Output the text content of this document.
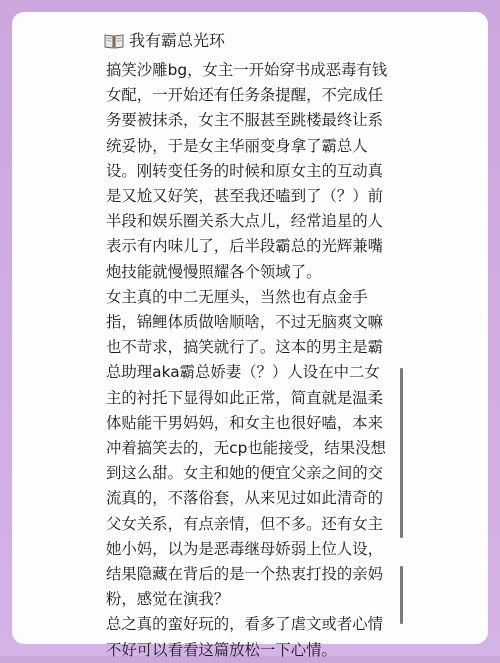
我有霸总光环

搞笑沙雕bg，女主一开始穿书成恶毒有钱女配，一开始还有任务条提醒，不完成任务要被抹杀，女主不服甚至跳楼最终让系统妥协，于是女主华丽变身拿了霸总人设。刚转变任务的时候和原女主的互动真是又尬又好笑，甚至我还嗑到了（？）前半段和娱乐圈关系大点儿，经常追星的人表示有内味儿了，后半段霸总的光辉兼嘴炮技能就慢慢照耀各个领域了。

女主真的中二无厘头，当然也有点金手指，锦鲤体质做啥顺啥，不过无脑爽文嘛也不苛求，搞笑就行了。这本的男主是霸总助理aka霸总娇妻（？）人设在中二女主的衬托下显得如此正常，简直就是温柔体贴能干男妈妈，和女主也很好嗑，本来冲着搞笑去的，无cp也能接受，结果没想到这么甜。女主和她的便宜父亲之间的交流真的，不落俗套，从来见过如此清奇的父女关系，有点亲情，但不多。还有女主她小妈，以为是恶毒继母娇弱上位人设，结果隐藏在背后的是一个热衷打投的亲妈粉，感觉在演我？

总之真的蛮好玩的，看多了虐文或者心情不好可以看看这篇放松一下心情。
